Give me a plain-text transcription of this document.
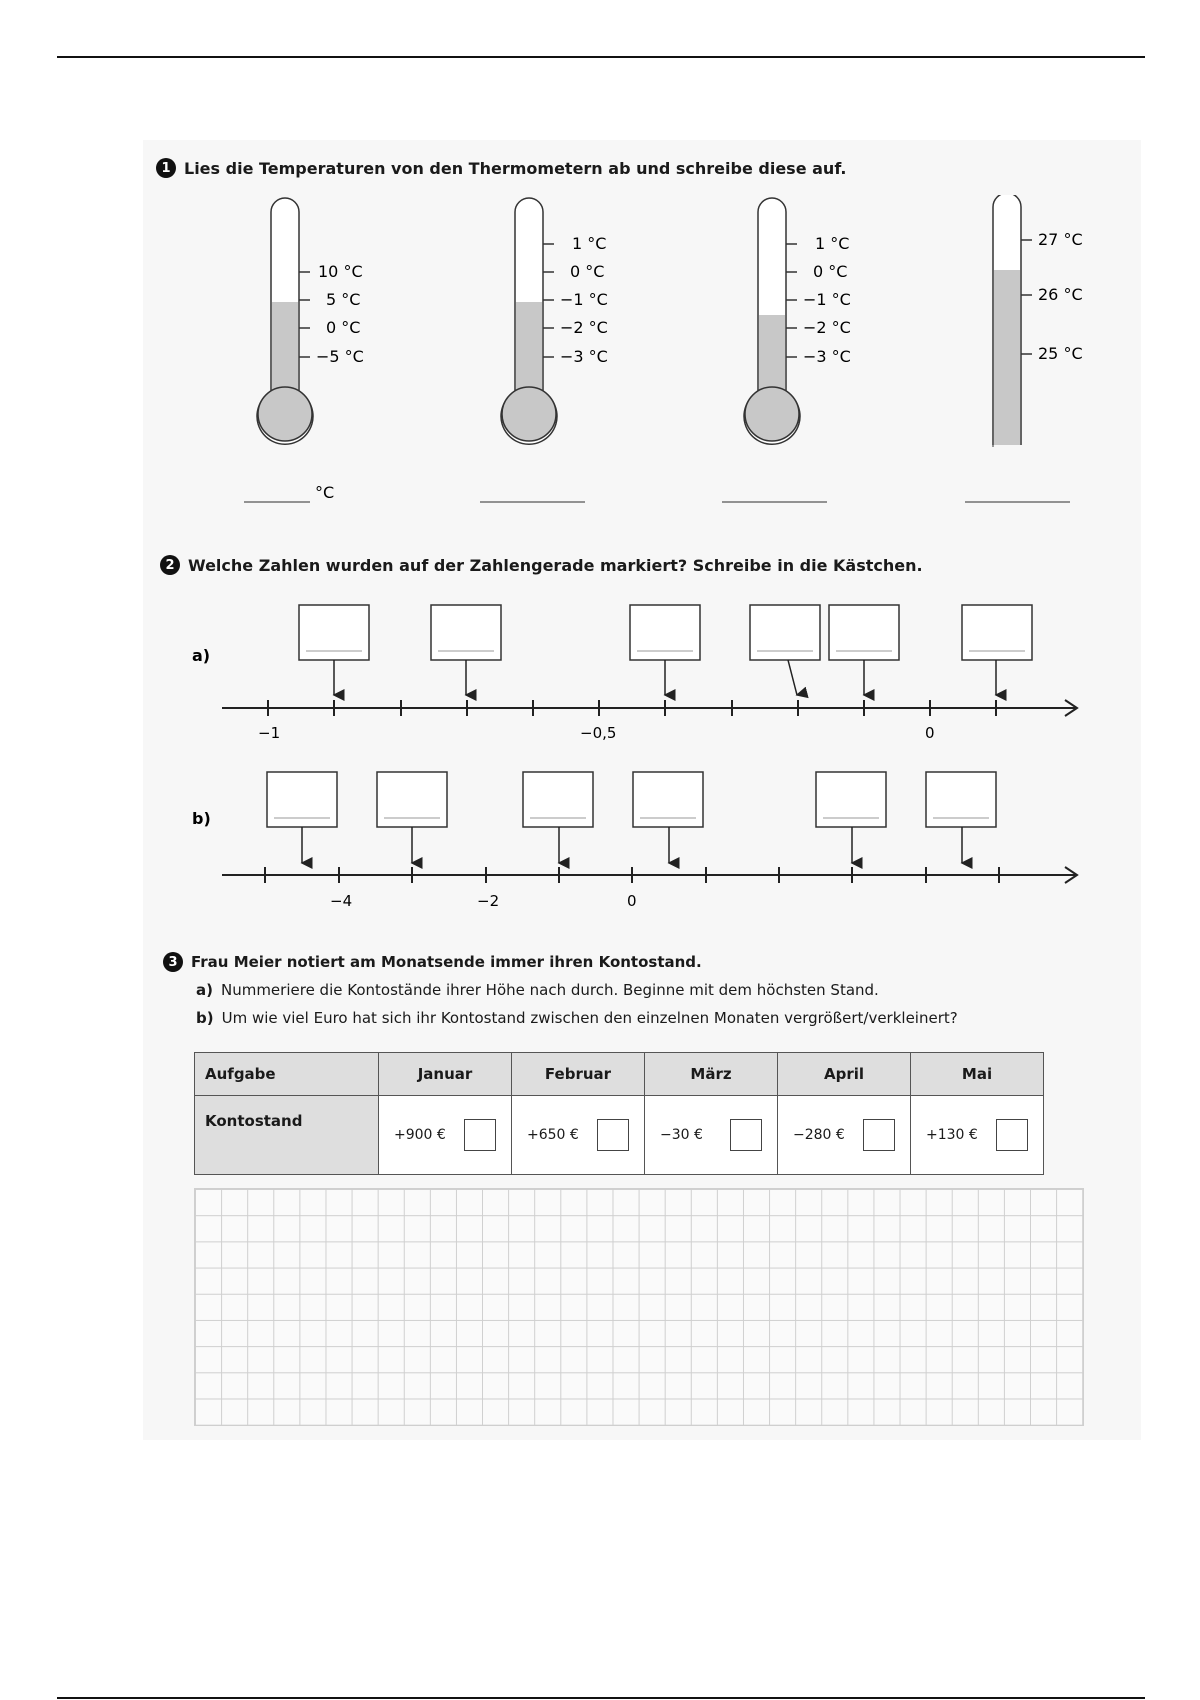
1 Lies die Temperaturen von den Thermometern ab und schreibe diese auf.
10 °C
5 °C
0 °C
−5 °C
°C
1 °C
0 °C
−1 °C
−2 °C
−3 °C
1 °C
0 °C
−1 °C
−2 °C
−3 °C
27 °C
26 °C
25 °C
2 Welche Zahlen wurden auf der Zahlengerade markiert? Schreibe in die Kästchen.
a)
−1	−0,5	0
b)
−4	−2	0
3 Frau Meier notiert am Monatsende immer ihren Kontostand.
a) Nummeriere die Kontostände ihrer Höhe nach durch. Beginne mit dem höchsten Stand.
b) Um wie viel Euro hat sich ihr Kontostand zwischen den einzelnen Monaten vergrößert/verkleinert?
Aufgabe	Januar	Februar	März	April	Mai
Kontostand	+900 €	+650 €	−30 €	−280 €	+130 €
